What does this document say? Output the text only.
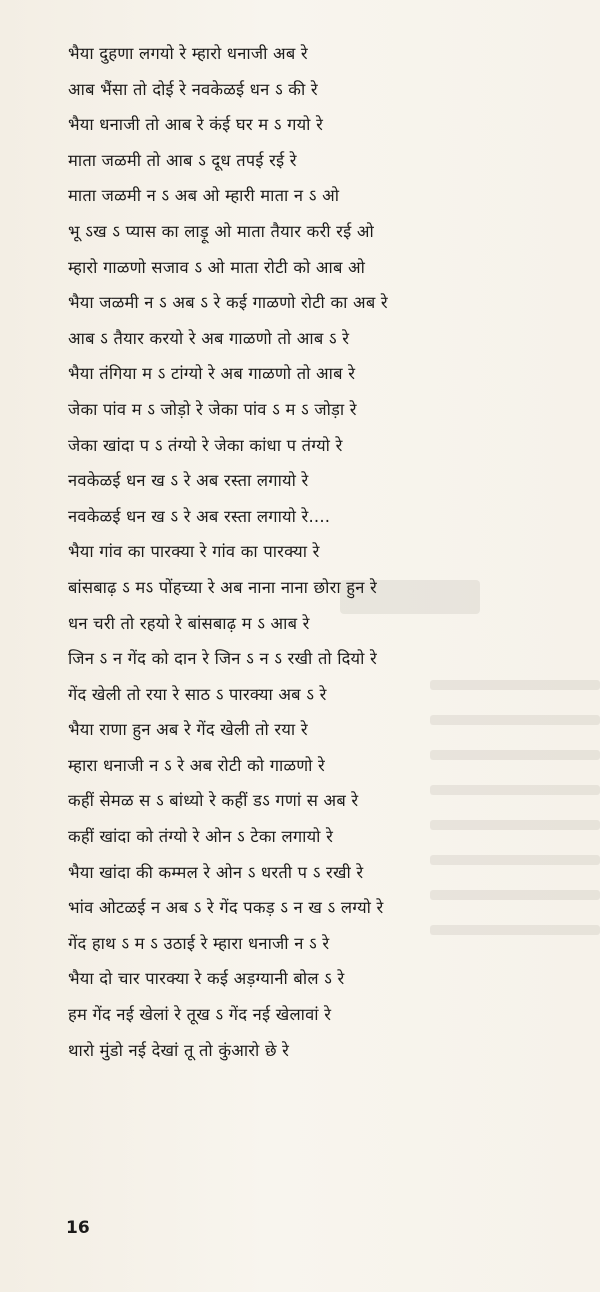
भैया दुहणा लगयो रे म्हारो धनाजी अब रे
आब भैंसा तो दोई रे नवकेळई धन ऽ की रे
भैया धनाजी तो आब रे कंई घर म ऽ गयो रे
माता जळमी तो आब ऽ दूध तपई रई रे
माता जळमी न ऽ अब ओ म्हारी माता न ऽ ओ
भू ऽख ऽ प्यास का लाड़ू ओ माता तैयार करी रई ओ
म्हारो गाळणो सजाव ऽ ओ माता रोटी को आब ओ
भैया जळमी न ऽ अब ऽ रे कई गाळणो रोटी का अब रे
आब ऽ तैयार करयो रे अब गाळणो तो आब ऽ रे
भैया तंगिया म ऽ टांग्यो रे अब गाळणो तो आब रे
जेका पांव म ऽ जोड़ो रे जेका पांव ऽ म ऽ जोड़ा रे
जेका खांदा प ऽ तंग्यो रे जेका कांधा प तंग्यो रे
नवकेळई धन ख ऽ रे अब रस्ता लगायो रे
नवकेळई धन ख ऽ रे अब रस्ता लगायो रे....
भैया गांव का पारक्या रे गांव का पारक्या रे
बांसबाढ़ ऽ मऽ पोंहच्या रे अब नाना नाना छोरा हुन रे
धन चरी तो रहयो रे बांसबाढ़ म ऽ आब रे
जिन ऽ न गेंद को दान रे जिन ऽ न ऽ रखी तो दियो रे
गेंद खेली तो रया रे साठ ऽ पारक्या अब ऽ रे
भैया राणा हुन अब रे गेंद खेली तो रया रे
म्हारा धनाजी न ऽ रे अब रोटी को गाळणो रे
कहीं सेमळ स ऽ बांध्यो रे कहीं डऽ गणां स अब रे
कहीं खांदा को तंग्यो रे ओन ऽ टेका लगायो रे
भैया खांदा की कम्मल रे ओन ऽ धरती प ऽ रखी रे
भांव ओटळई न अब ऽ रे गेंद पकड़ ऽ न ख ऽ लग्यो रे
गेंद हाथ ऽ म ऽ उठाई रे म्हारा धनाजी न ऽ रे
भैया दो चार पारक्या रे कई अड़ग्यानी बोल ऽ रे
हम गेंद नई खेलां रे तूख ऽ गेंद नई खेलावां रे
थारो मुंडो नई देखां तू तो कुंआरो छे रे
16
